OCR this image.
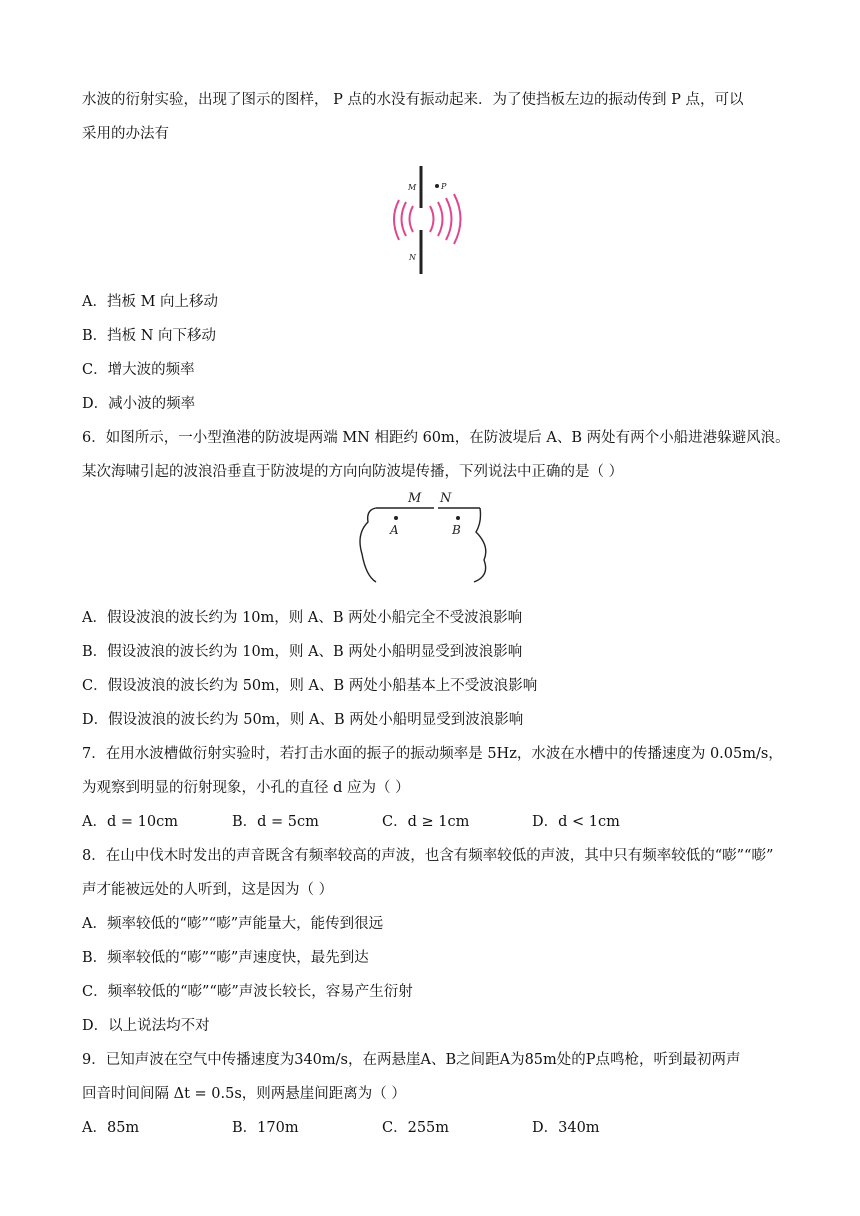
水波的衍射实验，出现了图示的图样， P 点的水没有振动起来．为了使挡板左边的振动传到 P 点，可以
采用的办法有
M
N
P
A．挡板 M 向上移动
B．挡板 N 向下移动
C．增大波的频率
D．减小波的频率
6．如图所示，一小型渔港的防波堤两端 MN 相距约 60m，在防波堤后 A、B 两处有两个小船进港躲避风浪。
某次海啸引起的波浪沿垂直于防波堤的方向向防波堤传播，下列说法中正确的是（ ）
M N
A	B
A．假设波浪的波长约为 10m，则 A、B 两处小船完全不受波浪影响
B．假设波浪的波长约为 10m，则 A、B 两处小船明显受到波浪影响
C．假设波浪的波长约为 50m，则 A、B 两处小船基本上不受波浪影响
D．假设波浪的波长约为 50m，则 A、B 两处小船明显受到波浪影响
7．在用水波槽做衍射实验时，若打击水面的振子的振动频率是 5Hz，水波在水槽中的传播速度为 0.05m/s，
为观察到明显的衍射现象，小孔的直径 d 应为（ ）
A．d = 10cm	B．d = 5cm	C．d ≥ 1cm	D．d < 1cm
8．在山中伐木时发出的声音既含有频率较高的声波，也含有频率较低的声波，其中只有频率较低的“嘭”“嘭”
声才能被远处的人听到，这是因为（ ）
A．频率较低的“嘭”“嘭”声能量大，能传到很远
B．频率较低的“嘭”“嘭”声速度快，最先到达
C．频率较低的“嘭”“嘭”声波长较长，容易产生衍射
D．以上说法均不对
9．已知声波在空气中传播速度为340m/s，在两悬崖A、B之间距A为85m处的P点鸣枪，听到最初两声
回音时间间隔 Δt = 0.5s，则两悬崖间距离为（ ）
A．85m	B．170m	C．255m	D．340m
